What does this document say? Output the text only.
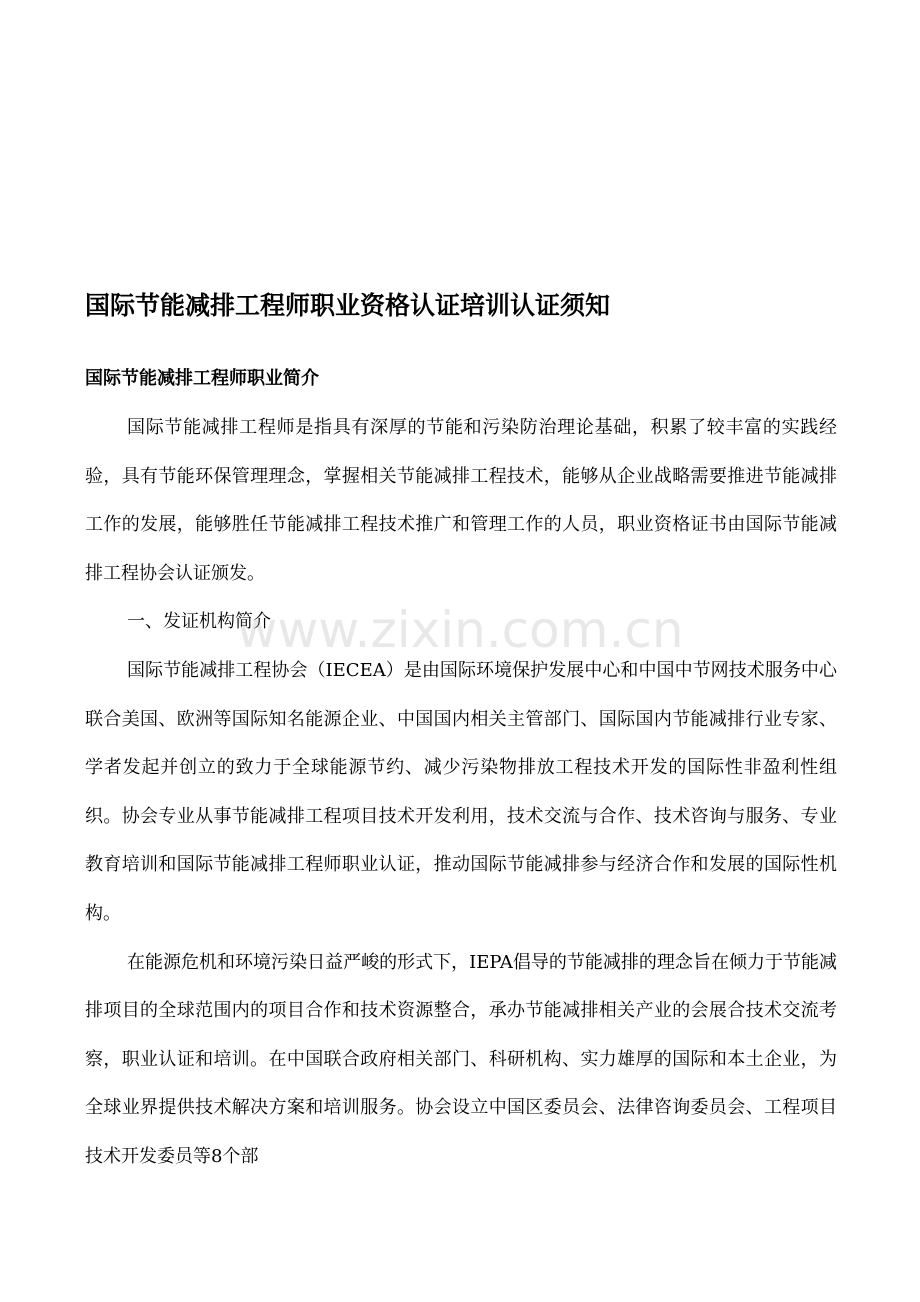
国际节能减排工程师职业资格认证培训认证须知
国际节能减排工程师职业简介

国际节能减排工程师是指具有深厚的节能和污染防治理论基础，积累了较丰富的实践经验，具有节能环保管理理念，掌握相关节能减排工程技术，能够从企业战略需要推进节能减排工作的发展，能够胜任节能减排工程技术推广和管理工作的人员，职业资格证书由国际节能减排工程协会认证颁发。

一、发证机构简介

国际节能减排工程协会（IECEA）是由国际环境保护发展中心和中国中节网技术服务中心联合美国、欧洲等国际知名能源企业、中国国内相关主管部门、国际国内节能减排行业专家、学者发起并创立的致力于全球能源节约、减少污染物排放工程技术开发的国际性非盈利性组织。协会专业从事节能减排工程项目技术开发利用，技术交流与合作、技术咨询与服务、专业教育培训和国际节能减排工程师职业认证，推动国际节能减排参与经济合作和发展的国际性机构。

在能源危机和环境污染日益严峻的形式下，IEPA倡导的节能减排的理念旨在倾力于节能减排项目的全球范围内的项目合作和技术资源整合，承办节能减排相关产业的会展合技术交流考察，职业认证和培训。在中国联合政府相关部门、科研机构、实力雄厚的国际和本土企业，为全球业界提供技术解决方案和培训服务。协会设立中国区委员会、法律咨询委员会、工程项目技术开发委员等8个部

www.zixin.com.cn
